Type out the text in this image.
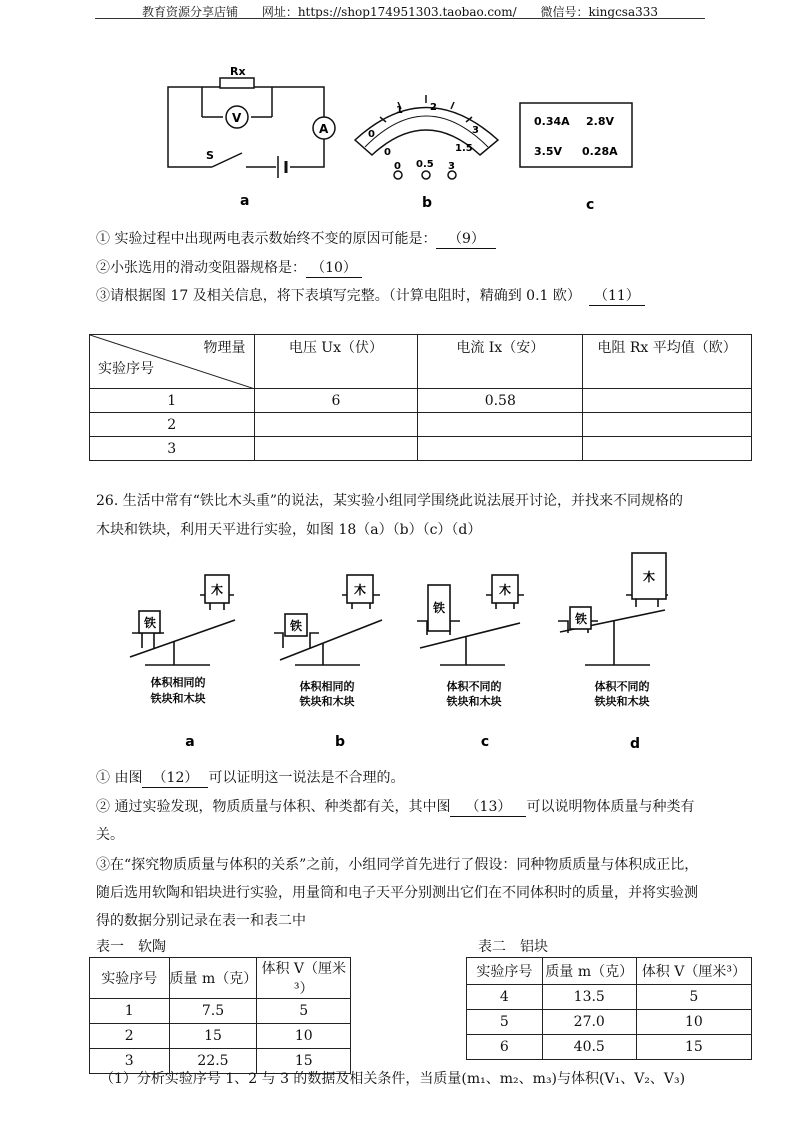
教育资源分享店铺 网址：https://shop174951303.taobao.com/ 微信号：kingcsa333
Rx
V
A
S
0
1	2
3
0	1.5
0 0.5 3
0.34A 2.8V
3.5V 0.28A
a	b	c
① 实验过程中出现两电表示数始终不变的原因可能是： （9）
②小张选用的滑动变阻器规格是： （10）
③请根据图 17 及相关信息，将下表填写完整。（计算电阻时，精确到 0.1 欧） （11）
物理量
实验序号	电压 Ux（伏）	电流 Ix（安）	电阻 Rx 平均值（欧）
1	6	0.58	
2			
3			
26. 生活中常有“铁比木头重”的说法，某实验小组同学围绕此说法展开讨论，并找来不同规格的
木块和铁块，利用天平进行实验，如图 18（a）（b）（c）（d）
铁
木
铁
木
铁
木
铁
木
体积相同的
铁块和木块
体积相同的
铁块和木块
体积不同的
铁块和木块
体积不同的
铁块和木块
a	b	c	d
① 由图 （12） 可以证明这一说法是不合理的。
② 通过实验发现，物质质量与体积、种类都有关，其中图 （13） 可以说明物体质量与种类有
关。
③在“探究物质质量与体积的关系”之前，小组同学首先进行了假设：同种物质质量与体积成正比，
随后选用软陶和铝块进行实验，用量筒和电子天平分别测出它们在不同体积时的质量，并将实验测
得的数据分别记录在表一和表二中
表一　软陶
实验序号	质量 m（克）	体积 V（厘米³）
1	7.5	5
2	15	10
3	22.5	15
表二　铝块
实验序号	质量 m（克）	体积 V（厘米³）
4	13.5	5
5	27.0	10
6	40.5	15
（1）分析实验序号 1、2 与 3 的数据及相关条件，当质量(m₁、m₂、m₃)与体积(V₁、V₂、V₃)
